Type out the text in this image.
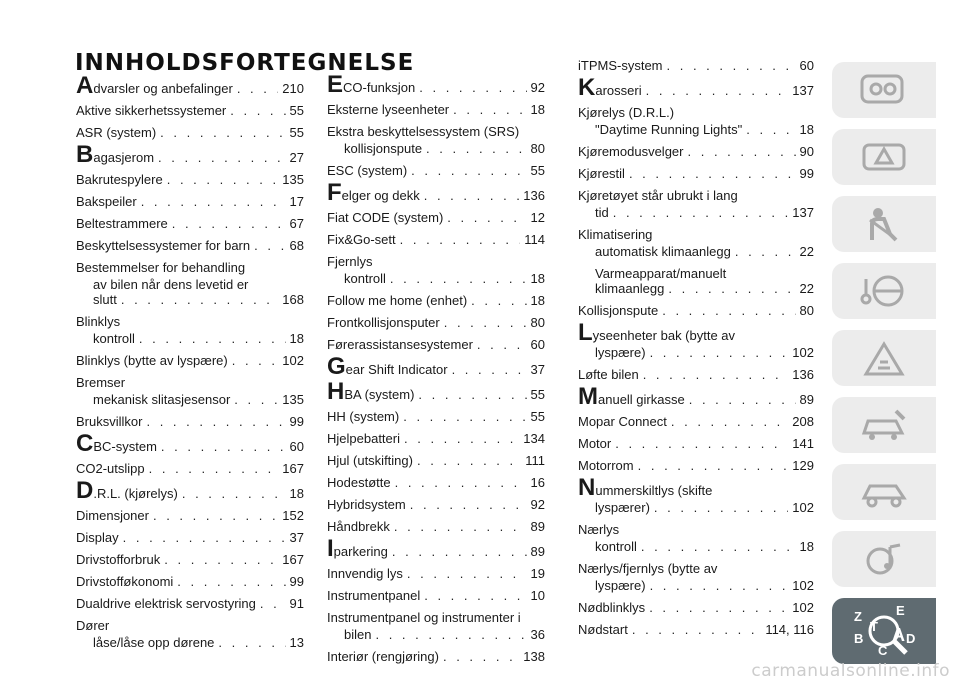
INNHOLDSFORTEGNELSE
Advarsler og anbefalinger . . .	210
Aktive sikkerhetssystemer . . .	55
ASR (system) . . .	55
Bagasjerom . . .	27
Bakrutespylere . . .	135
Bakspeiler . . .	17
Beltestrammere . . .	67
Beskyttelsessystemer for barn . . .	68
Bestemmelser for behandling
av bilen når dens levetid er
slutt . . .	168
Blinklys
kontroll . . .	18
Blinklys (bytte av lyspære) . . .	102
Bremser
mekanisk slitasjesensor . . .	135
Bruksvillkor . . .	99
CBC-system . . .	60
CO2-utslipp . . .	167
D.R.L. (kjørelys) . . .	18
Dimensjoner . . .	152
Display . . .	37
Drivstofforbruk . . .	167
Drivstofføkonomi . . .	99
Dualdrive elektrisk servostyring . . .	91
Dører
låse/låse opp dørene . . .	13
ECO-funksjon . . .	92
Eksterne lyseenheter . . .	18
Ekstra beskyttelsessystem (SRS)
kollisjonspute . . .	80
ESC (system) . . .	55
Felger og dekk . . .	136
Fiat CODE (system) . . .	12
Fix&Go-sett . . .	114
Fjernlys
kontroll . . .	18
Follow me home (enhet) . . .	18
Frontkollisjonsputer . . .	80
Førerassistansesystemer . . .	60
Gear Shift Indicator . . .	37
HBA (system) . . .	55
HH (system) . . .	55
Hjelpebatteri . . .	134
Hjul (utskifting) . . .	111
Hodestøtte . . .	16
Hybridsystem . . .	92
Håndbrekk . . .	89
Iparkering . . .	89
Innvendig lys . . .	19
Instrumentpanel . . .	10
Instrumentpanel og instrumenter i
bilen . . .	36
Interiør (rengjøring) . . .	138
iTPMS-system . . .	60
Karosseri . . .	137
Kjørelys (D.R.L.)
"Daytime Running Lights" . . .	18
Kjøremodusvelger . . .	90
Kjørestil . . .	99
Kjøretøyet står ubrukt i lang
tid . . .	137
Klimatisering
automatisk klimaanlegg . . .	22
Varmeapparat/manuelt
klimaanlegg . . .	22
Kollisjonspute . . .	80
Lyseenheter bak (bytte av
lyspære) . . .	102
Løfte bilen . . .	136
Manuell girkasse . . .	89
Mopar Connect . . .	208
Motor . . .	141
Motorrom . . .	129
Nummerskiltlys (skifte
lyspærer) . . .	102
Nærlys
kontroll . . .	18
Nærlys/fjernlys (bytte av
lyspære) . . .	102
Nødblinklys . . .	102
Nødstart . . .	114, 116
Z	E
B
C
A D
T
carmanualsonline.info
